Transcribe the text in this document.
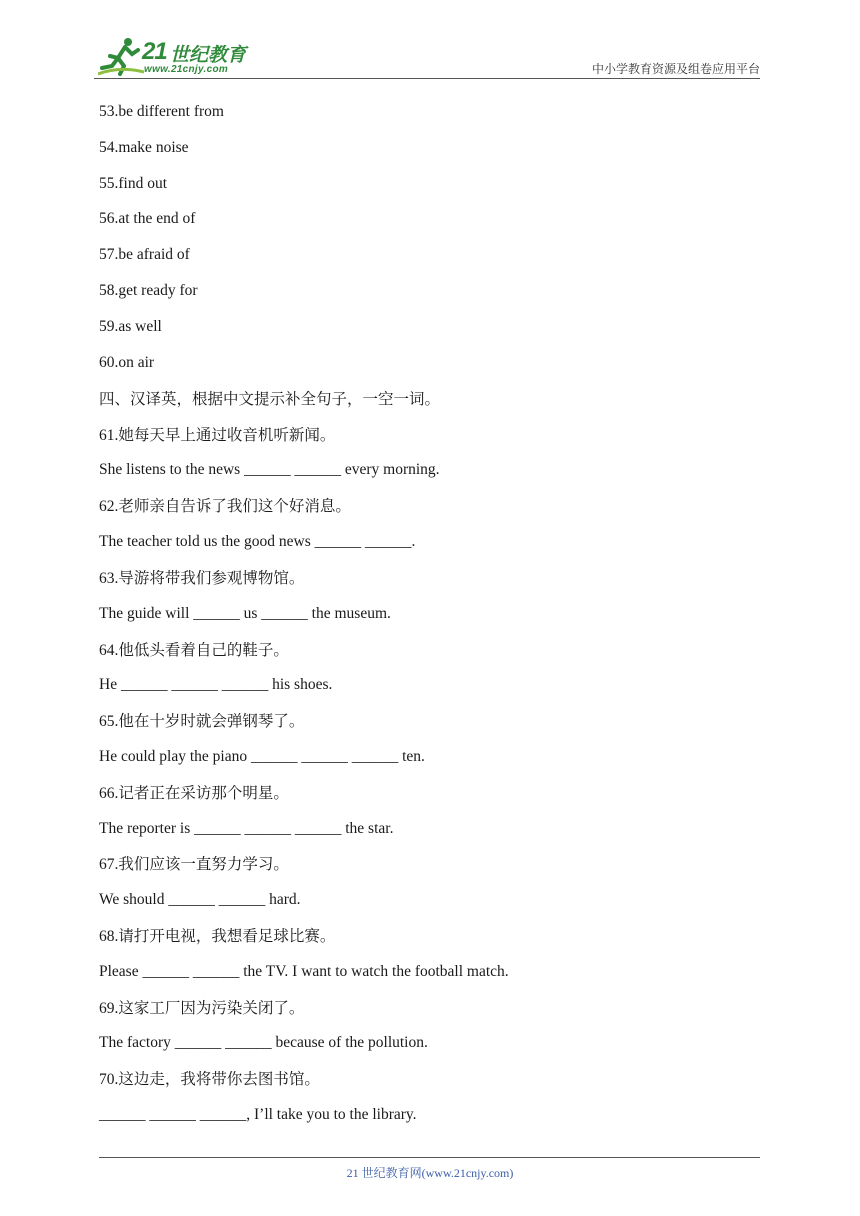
21 世纪教育
www.21cnjy.com	中小学教育资源及组卷应用平台
53.be different from
54.make noise
55.find out
56.at the end of
57.be afraid of
58.get ready for
59.as well
60.on air
四、汉译英，根据中文提示补全句子，一空一词。
61.她每天早上通过收音机听新闻。
She listens to the news ______ ______ every morning.
62.老师亲自告诉了我们这个好消息。
The teacher told us the good news ______ ______.
63.导游将带我们参观博物馆。
The guide will ______ us ______ the museum.
64.他低头看着自己的鞋子。
He ______ ______ ______ his shoes.
65.他在十岁时就会弹钢琴了。
He could play the piano ______ ______ ______ ten.
66.记者正在采访那个明星。
The reporter is ______ ______ ______ the star.
67.我们应该一直努力学习。
We should ______ ______ hard.
68.请打开电视，我想看足球比赛。
Please ______ ______ the TV. I want to watch the football match.
69.这家工厂因为污染关闭了。
The factory ______ ______ because of the pollution.
70.这边走，我将带你去图书馆。
______ ______ ______, I’ll take you to the library.
21 世纪教育网(www.21cnjy.com)
